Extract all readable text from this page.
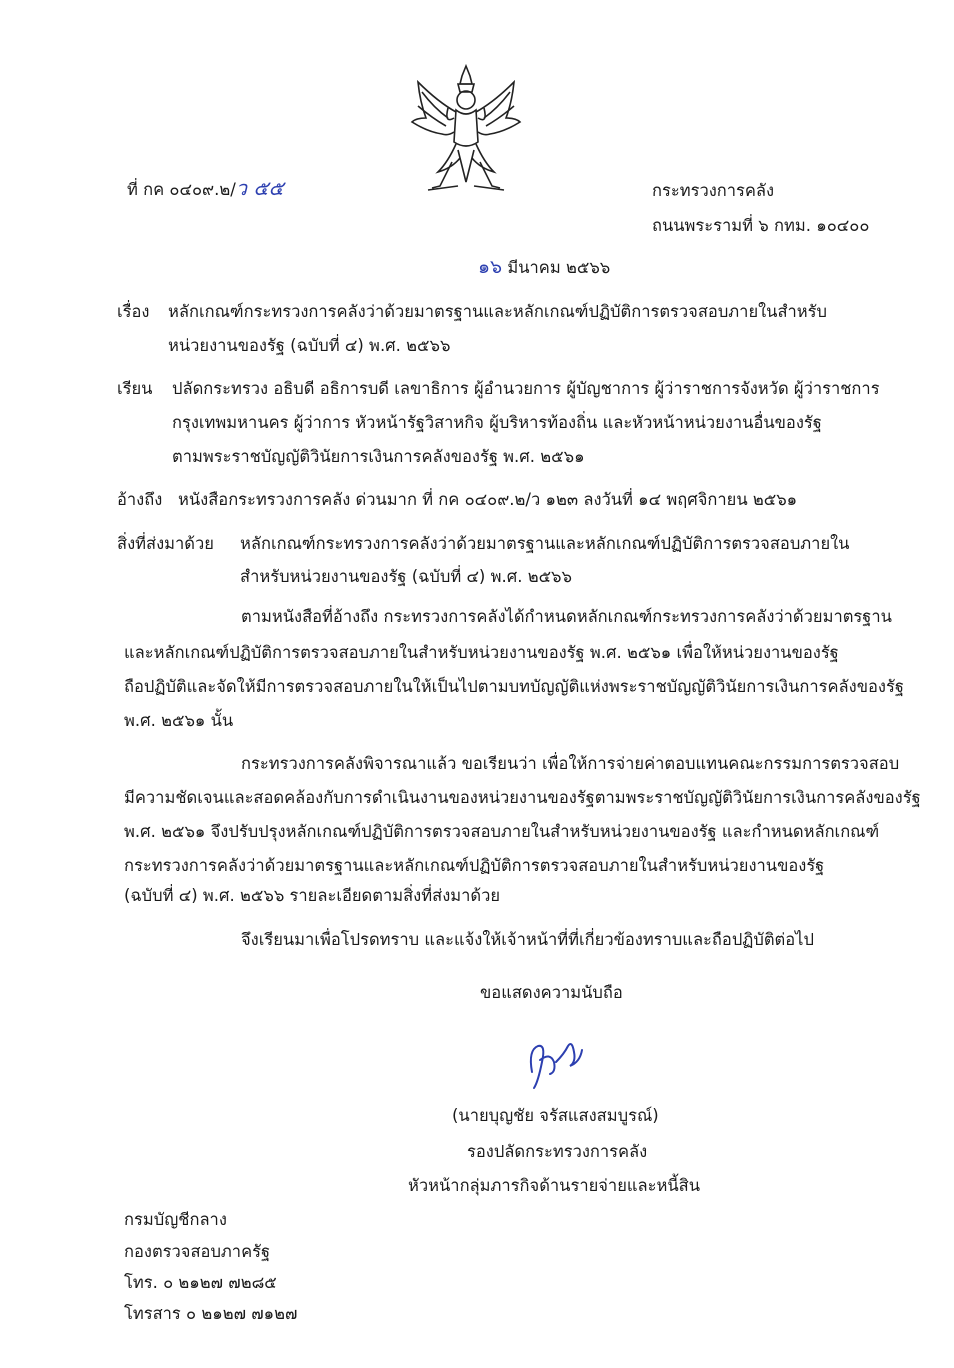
ที่ กค ๐๔๐๙.๒/ว ๕๕	กระทรวงการคลัง
ถนนพระรามที่ ๖ กทม. ๑๐๔๐๐
๑๖ มีนาคม ๒๕๖๖
เรื่อง หลักเกณฑ์กระทรวงการคลังว่าด้วยมาตรฐานและหลักเกณฑ์ปฏิบัติการตรวจสอบภายในสำหรับ
หน่วยงานของรัฐ (ฉบับที่ ๔) พ.ศ. ๒๕๖๖
เรียน ปลัดกระทรวง อธิบดี อธิการบดี เลขาธิการ ผู้อำนวยการ ผู้บัญชาการ ผู้ว่าราชการจังหวัด ผู้ว่าราชการ
กรุงเทพมหานคร ผู้ว่าการ หัวหน้ารัฐวิสาหกิจ ผู้บริหารท้องถิ่น และหัวหน้าหน่วยงานอื่นของรัฐ
ตามพระราชบัญญัติวินัยการเงินการคลังของรัฐ พ.ศ. ๒๕๖๑
อ้างถึง หนังสือกระทรวงการคลัง ด่วนมาก ที่ กค ๐๔๐๙.๒/ว ๑๒๓ ลงวันที่ ๑๔ พฤศจิกายน ๒๕๖๑
สิ่งที่ส่งมาด้วย หลักเกณฑ์กระทรวงการคลังว่าด้วยมาตรฐานและหลักเกณฑ์ปฏิบัติการตรวจสอบภายใน
สำหรับหน่วยงานของรัฐ (ฉบับที่ ๔) พ.ศ. ๒๕๖๖
ตามหนังสือที่อ้างถึง กระทรวงการคลังได้กำหนดหลักเกณฑ์กระทรวงการคลังว่าด้วยมาตรฐาน
และหลักเกณฑ์ปฏิบัติการตรวจสอบภายในสำหรับหน่วยงานของรัฐ พ.ศ. ๒๕๖๑ เพื่อให้หน่วยงานของรัฐ
ถือปฏิบัติและจัดให้มีการตรวจสอบภายในให้เป็นไปตามบทบัญญัติแห่งพระราชบัญญัติวินัยการเงินการคลังของรัฐ
พ.ศ. ๒๕๖๑ นั้น
กระทรวงการคลังพิจารณาแล้ว ขอเรียนว่า เพื่อให้การจ่ายค่าตอบแทนคณะกรรมการตรวจสอบ
มีความชัดเจนและสอดคล้องกับการดำเนินงานของหน่วยงานของรัฐตามพระราชบัญญัติวินัยการเงินการคลังของรัฐ
พ.ศ. ๒๕๖๑ จึงปรับปรุงหลักเกณฑ์ปฏิบัติการตรวจสอบภายในสำหรับหน่วยงานของรัฐ และกำหนดหลักเกณฑ์
กระทรวงการคลังว่าด้วยมาตรฐานและหลักเกณฑ์ปฏิบัติการตรวจสอบภายในสำหรับหน่วยงานของรัฐ
(ฉบับที่ ๔) พ.ศ. ๒๕๖๖ รายละเอียดตามสิ่งที่ส่งมาด้วย
จึงเรียนมาเพื่อโปรดทราบ และแจ้งให้เจ้าหน้าที่ที่เกี่ยวข้องทราบและถือปฏิบัติต่อไป
ขอแสดงความนับถือ
(นายบุญชัย จรัสแสงสมบูรณ์)
รองปลัดกระทรวงการคลัง
หัวหน้ากลุ่มภารกิจด้านรายจ่ายและหนี้สิน
กรมบัญชีกลาง
กองตรวจสอบภาครัฐ
โทร. ๐ ๒๑๒๗ ๗๒๘๕
โทรสาร ๐ ๒๑๒๗ ๗๑๒๗
